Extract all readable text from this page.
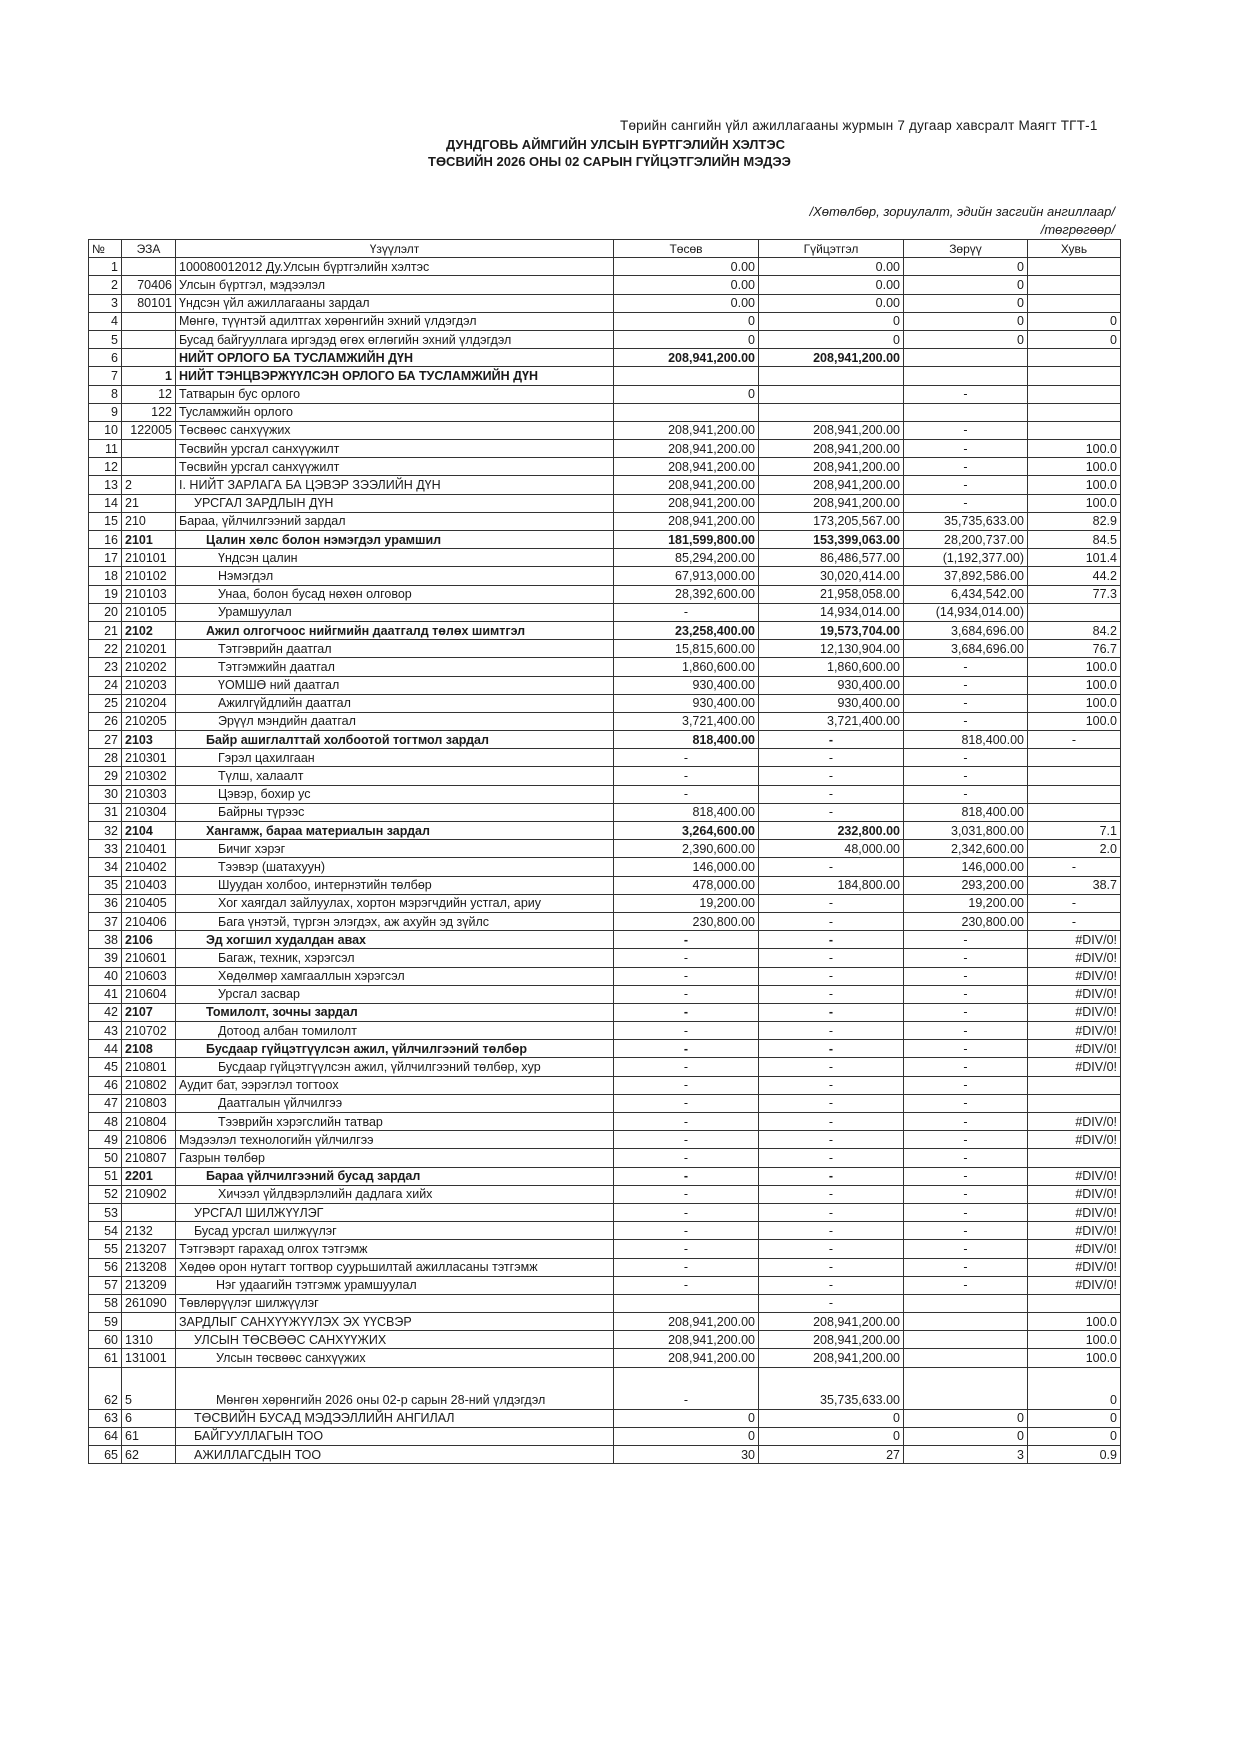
Төрийн сангийн үйл ажиллагааны журмын 7 дугаар хавсралт Маягт ТГТ-1
ДУНДГОВЬ АЙМГИЙН УЛСЫН БҮРТГЭЛИЙН ХЭЛТЭС
ТӨСВИЙН 2026 ОНЫ 02 САРЫН ГҮЙЦЭТГЭЛИЙН МЭДЭЭ
/Хөтөлбөр, зориулалт, эдийн засгийн ангиллаар/
/төгрөгөөр/
№	ЭЗА	Үзүүлэлт	Төсөв	Гүйцэтгэл	Зөрүү	Хувь
1		100080012012 Ду.Улсын бүртгэлийн хэлтэс	0.00	0.00	0	
2	70406	Улсын бүртгэл, мэдээлэл	0.00	0.00	0	
3	80101	Үндсэн үйл ажиллагааны зардал	0.00	0.00	0	
4		Мөнгө, түүнтэй адилтгах хөрөнгийн эхний үлдэгдэл	0	0	0	0
5		Бусад байгууллага иргэдэд өгөх өглөгийн эхний үлдэгдэл	0	0	0	0
6		НИЙТ ОРЛОГО БА ТУСЛАМЖИЙН ДҮН	208,941,200.00	208,941,200.00		
7	1	НИЙТ ТЭНЦВЭРЖҮҮЛСЭН ОРЛОГО БА ТУСЛАМЖИЙН ДҮН				
8	12	Татварын бус орлого	0		-	
9	122	Тусламжийн орлого				
10	122005	Төсвөөс санхүүжих	208,941,200.00	208,941,200.00	-	
11		Төсвийн урсгал санхүүжилт	208,941,200.00	208,941,200.00	-	100.0
12		Төсвийн урсгал санхүүжилт	208,941,200.00	208,941,200.00	-	100.0
13	2	I. НИЙТ ЗАРЛАГА БА ЦЭВЭР ЗЭЭЛИЙН ДҮН	208,941,200.00	208,941,200.00	-	100.0
14	21	УРСГАЛ ЗАРДЛЫН ДҮН	208,941,200.00	208,941,200.00	-	100.0
15	210	Бараа, үйлчилгээний зардал	208,941,200.00	173,205,567.00	35,735,633.00	82.9
16	2101	Цалин хөлс болон нэмэгдэл урамшил	181,599,800.00	153,399,063.00	28,200,737.00	84.5
17	210101	Үндсэн цалин	85,294,200.00	86,486,577.00	(1,192,377.00)	101.4
18	210102	Нэмэгдэл	67,913,000.00	30,020,414.00	37,892,586.00	44.2
19	210103	Унаа, болон бусад нөхөн олговор	28,392,600.00	21,958,058.00	6,434,542.00	77.3
20	210105	Урамшуулал	-	14,934,014.00	(14,934,014.00)	
21	2102	Ажил олгогчоос нийгмийн даатгалд төлөх шимтгэл	23,258,400.00	19,573,704.00	3,684,696.00	84.2
22	210201	Тэтгэврийн даатгал	15,815,600.00	12,130,904.00	3,684,696.00	76.7
23	210202	Тэтгэмжийн даатгал	1,860,600.00	1,860,600.00	-	100.0
24	210203	ҮОМШӨ ний даатгал	930,400.00	930,400.00	-	100.0
25	210204	Ажилгүйдлийн даатгал	930,400.00	930,400.00	-	100.0
26	210205	Эрүүл мэндийн даатгал	3,721,400.00	3,721,400.00	-	100.0
27	2103	Байр ашиглалттай холбоотой тогтмол зардал	818,400.00	-	818,400.00	-
28	210301	Гэрэл цахилгаан	-	-	-	
29	210302	Түлш, халаалт	-	-	-	
30	210303	Цэвэр, бохир ус	-	-	-	
31	210304	Байрны түрээс	818,400.00	-	818,400.00	
32	2104	Хангамж, бараа материалын зардал	3,264,600.00	232,800.00	3,031,800.00	7.1
33	210401	Бичиг хэрэг	2,390,600.00	48,000.00	2,342,600.00	2.0
34	210402	Тээвэр (шатахуун)	146,000.00	-	146,000.00	-
35	210403	Шуудан холбоо, интернэтийн төлбөр	478,000.00	184,800.00	293,200.00	38.7
36	210405	Хог хаягдал зайлуулах, хортон мэрэгчдийн устгал, ариу	19,200.00	-	19,200.00	-
37	210406	Бага үнэтэй, түргэн элэгдэх, аж ахуйн эд зүйлс	230,800.00	-	230,800.00	-
38	2106	Эд хогшил худалдан авах	-	-	-	#DIV/0!
39	210601	Багаж, техник, хэрэгсэл	-	-	-	#DIV/0!
40	210603	Хөдөлмөр хамгааллын хэрэгсэл	-	-	-	#DIV/0!
41	210604	Урсгал засвар	-	-	-	#DIV/0!
42	2107	Томилолт, зочны зардал	-	-	-	#DIV/0!
43	210702	Дотоод албан томилолт	-	-	-	#DIV/0!
44	2108	Бусдаар гүйцэтгүүлсэн ажил, үйлчилгээний төлбөр	-	-	-	#DIV/0!
45	210801	Бусдаар гүйцэтгүүлсэн ажил, үйлчилгээний төлбөр, хур	-	-	-	#DIV/0!
46	210802	Аудит бат, ээрэглэл тогтоох	-	-	-	
47	210803	Даатгалын үйлчилгээ	-	-	-	
48	210804	Тээврийн хэрэгслийн татвар	-	-	-	#DIV/0!
49	210806	Мэдээлэл технологийн үйлчилгээ	-	-	-	#DIV/0!
50	210807	Газрын төлбөр	-	-	-	
51	2201	Бараа үйлчилгээний бусад зардал	-	-	-	#DIV/0!
52	210902	Хичээл үйлдвэрлэлийн дадлага хийх	-	-	-	#DIV/0!
53		УРСГАЛ ШИЛЖҮҮЛЭГ	-	-	-	#DIV/0!
54	2132	Бусад урсгал шилжүүлэг	-	-	-	#DIV/0!
55	213207	Тэтгэвэрт гарахад олгох тэтгэмж	-	-	-	#DIV/0!
56	213208	Хөдөө орон нутагт тогтвор суурьшилтай ажилласаны тэтгэмж	-	-	-	#DIV/0!
57	213209	Нэг удаагийн тэтгэмж урамшуулал	-	-	-	#DIV/0!
58	261090	Төвлөрүүлэг шилжүүлэг		-		
59		ЗАРДЛЫГ САНХҮҮЖҮҮЛЭХ ЭХ ҮҮСВЭР	208,941,200.00	208,941,200.00		100.0
60	1310	УЛСЫН ТӨСВӨӨС САНХҮҮЖИХ	208,941,200.00	208,941,200.00		100.0
61	131001	Улсын төсвөөс санхүүжих	208,941,200.00	208,941,200.00		100.0
62	5	Мөнгөн хөрөнгийн 2026 оны 02-р сарын 28-ний үлдэгдэл	-	35,735,633.00		0
63	6	ТӨСВИЙН БУСАД МЭДЭЭЛЛИЙН АНГИЛАЛ	0	0	0	0
64	61	БАЙГУУЛЛАГЫН ТОО	0	0	0	0
65	62	АЖИЛЛАГСДЫН ТОО	30	27	3	0.9
